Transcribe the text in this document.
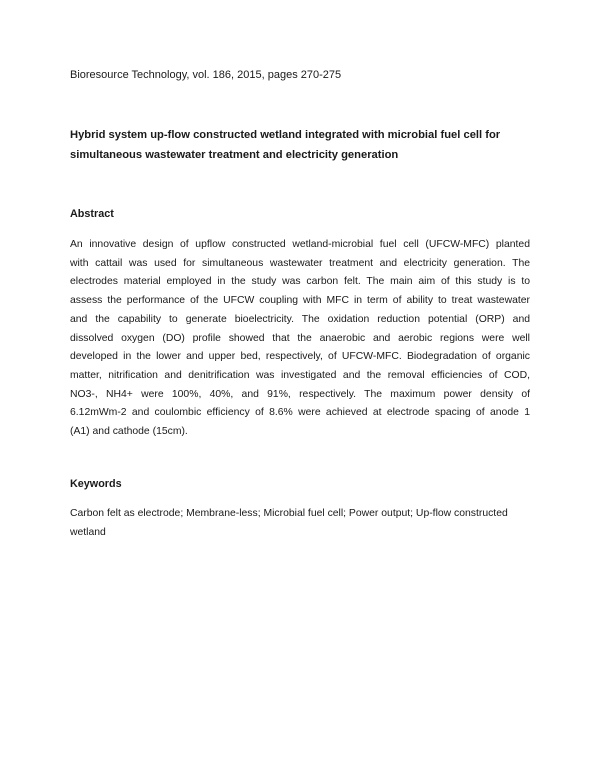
Bioresource Technology, vol. 186, 2015, pages 270-275
Hybrid system up-flow constructed wetland integrated with microbial fuel cell for
simultaneous wastewater treatment and electricity generation
Abstract
An innovative design of upflow constructed wetland-microbial fuel cell (UFCW-MFC) planted
with cattail was used for simultaneous wastewater treatment and electricity generation. The
electrodes material employed in the study was carbon felt. The main aim of this study is to
assess the performance of the UFCW coupling with MFC in term of ability to treat wastewater
and the capability to generate bioelectricity. The oxidation reduction potential (ORP) and
dissolved oxygen (DO) profile showed that the anaerobic and aerobic regions were well
developed in the lower and upper bed, respectively, of UFCW-MFC. Biodegradation of organic
matter, nitrification and denitrification was investigated and the removal efficiencies of COD,
NO3-, NH4+ were 100%, 40%, and 91%, respectively. The maximum power density of
6.12mWm-2 and coulombic efficiency of 8.6% were achieved at electrode spacing of anode 1
(A1) and cathode (15cm).
Keywords
Carbon felt as electrode; Membrane-less; Microbial fuel cell; Power output; Up-flow constructed
wetland
